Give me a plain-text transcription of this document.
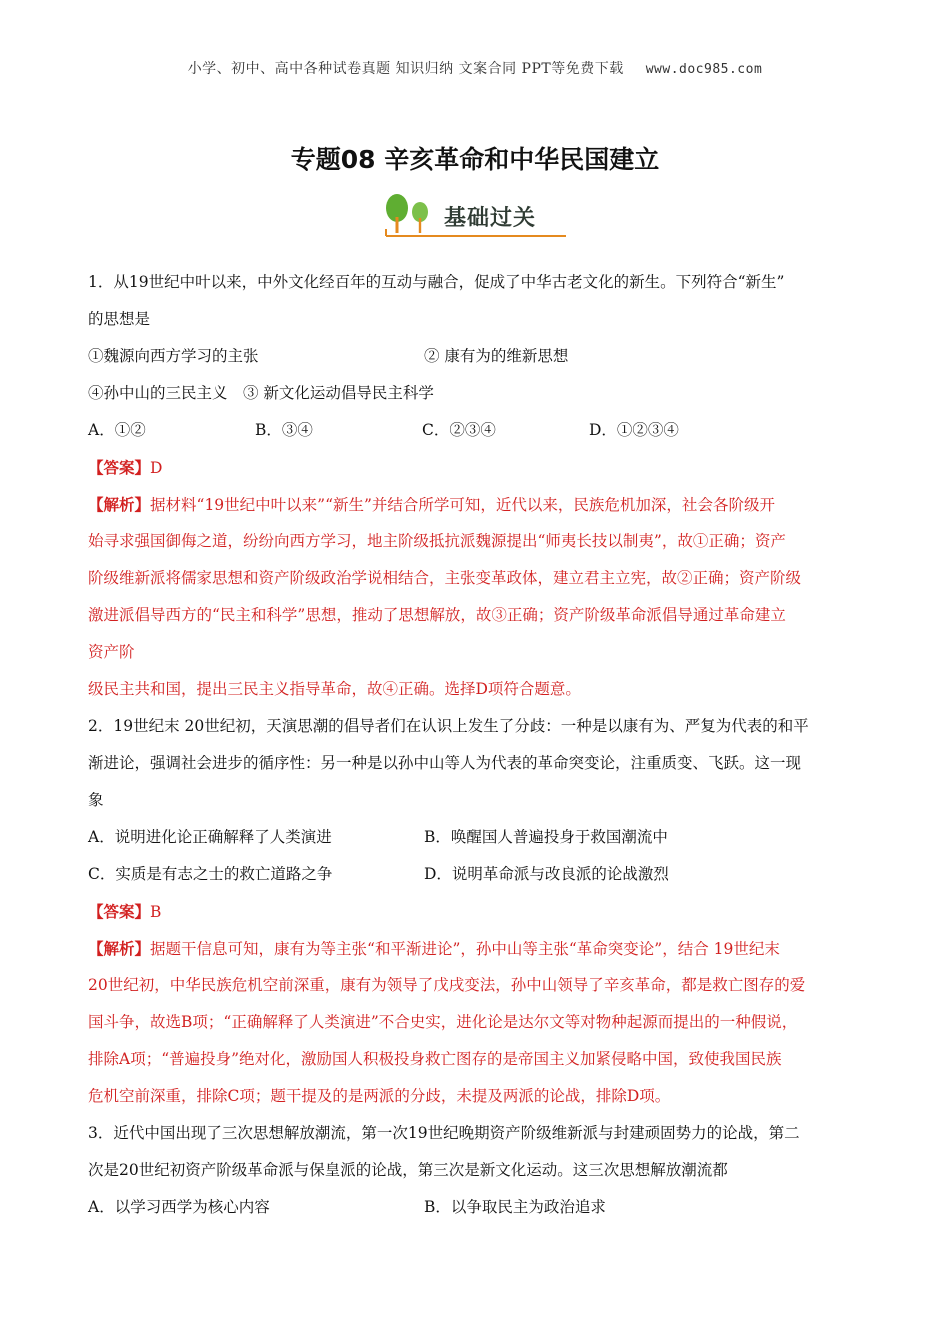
小学、初中、高中各种试卷真题 知识归纳 文案合同 PPT等免费下载 www.doc985.com
专题08 辛亥革命和中华民国建立
基础过关
1．从19世纪中叶以来，中外文化经百年的互动与融合，促成了中华古老文化的新生。下列符合“新生”
的思想是
①魏源向西方学习的主张	② 康有为的维新思想
④孙中山的三民主义　③ 新文化运动倡导民主科学
A．①②	B．③④	C．②③④	D．①②③④
【答案】D
【解析】据材料“19世纪中叶以来”“新生”并结合所学可知，近代以来，民族危机加深，社会各阶级开
始寻求强国御侮之道，纷纷向西方学习，地主阶级抵抗派魏源提出“师夷长技以制夷”，故①正确；资产
阶级维新派将儒家思想和资产阶级政治学说相结合，主张变革政体，建立君主立宪，故②正确；资产阶级
激进派倡导西方的“民主和科学”思想，推动了思想解放，故③正确；资产阶级革命派倡导通过革命建立
资产阶
级民主共和国，提出三民主义指导革命，故④正确。选择D项符合题意。
2．19世纪末 20世纪初，天演思潮的倡导者们在认识上发生了分歧：一种是以康有为、严复为代表的和平
渐进论，强调社会进步的循序性：另一种是以孙中山等人为代表的革命突变论，注重质变、飞跃。这一现
象
A．说明进化论正确解释了人类演进	B．唤醒国人普遍投身于救国潮流中
C．实质是有志之士的救亡道路之争	D．说明革命派与改良派的论战激烈
【答案】B
【解析】据题干信息可知，康有为等主张“和平渐进论”，孙中山等主张“革命突变论”，结合 19世纪末
20世纪初，中华民族危机空前深重，康有为领导了戊戌变法，孙中山领导了辛亥革命，都是救亡图存的爱
国斗争，故选B项；“正确解释了人类演进”不合史实，进化论是达尔文等对物种起源而提出的一种假说，
排除A项；“普遍投身”绝对化，激励国人积极投身救亡图存的是帝国主义加紧侵略中国，致使我国民族
危机空前深重，排除C项；题干提及的是两派的分歧，未提及两派的论战，排除D项。
3．近代中国出现了三次思想解放潮流，第一次19世纪晚期资产阶级维新派与封建顽固势力的论战，第二
次是20世纪初资产阶级革命派与保皇派的论战，第三次是新文化运动。这三次思想解放潮流都
A．以学习西学为核心内容	B．以争取民主为政治追求
